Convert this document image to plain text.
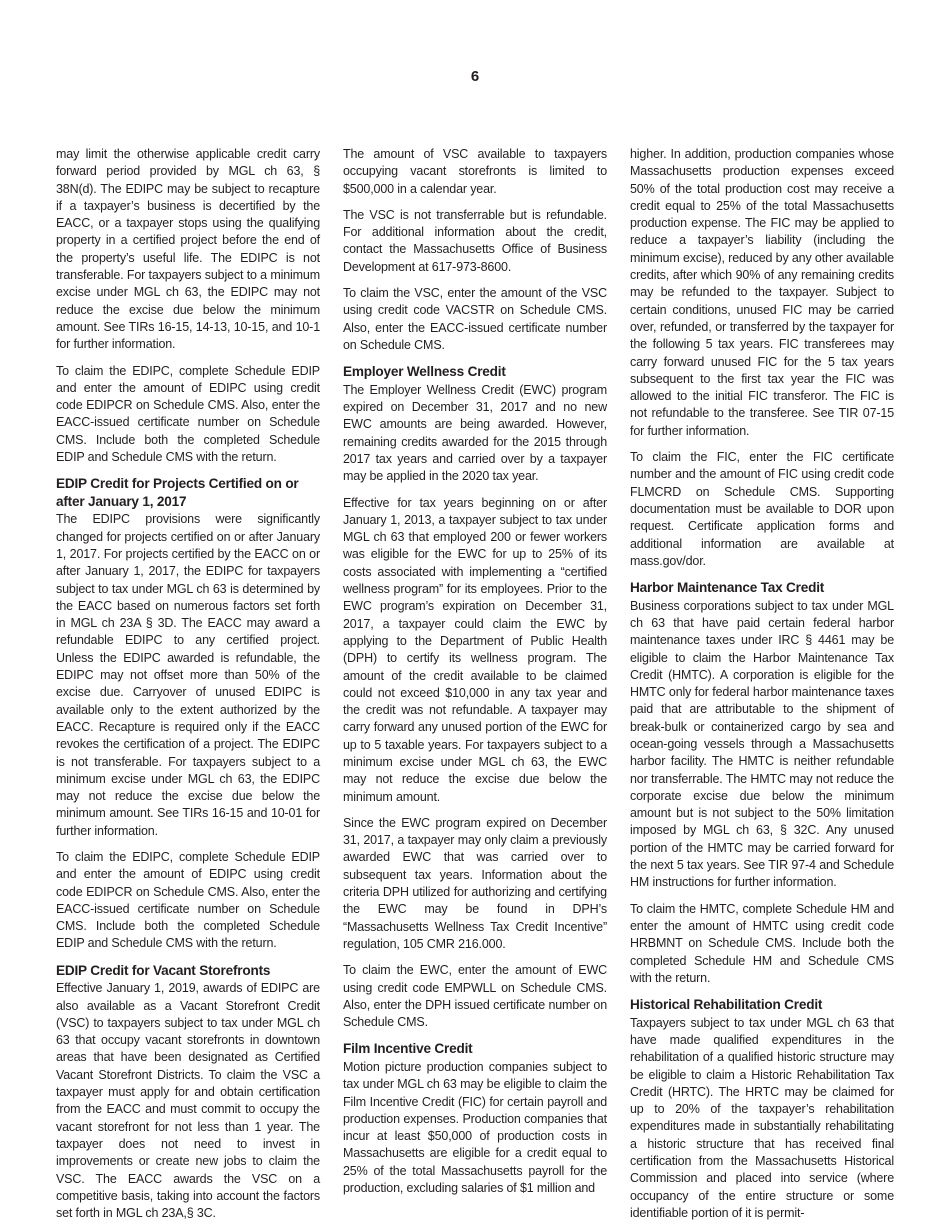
6

may limit the otherwise applicable credit carry forward period provided by MGL ch 63, § 38N(d). The EDIPC may be subject to recapture if a taxpayer’s business is decertified by the EACC, or a taxpayer stops using the qualifying property in a certified project before the end of the property’s useful life. The EDIPC is not transferable. For taxpayers subject to a minimum excise under MGL ch 63, the EDIPC may not reduce the excise due below the minimum amount. See TIRs 16-15, 14-13, 10-15, and 10-1 for further information.

To claim the EDIPC, complete Schedule EDIP and enter the amount of EDIPC using credit code EDIPCR on Schedule CMS. Also, enter the EACC-issued certificate number on Schedule CMS. Include both the completed Schedule EDIP and Schedule CMS with the return.

EDIP Credit for Projects Certified on or after January 1, 2017

The EDIPC provisions were significantly changed for projects certified on or after January 1, 2017. For projects certified by the EACC on or after January 1, 2017, the EDIPC for taxpayers subject to tax under MGL ch 63 is determined by the EACC based on numerous factors set forth in MGL ch 23A § 3D. The EACC may award a refundable EDIPC to any certified project. Unless the EDIPC awarded is refundable, the EDIPC may not offset more than 50% of the excise due. Carryover of unused EDIPC is available only to the extent authorized by the EACC. Recapture is required only if the EACC revokes the certification of a project. The EDIPC is not transferable. For taxpayers subject to a minimum excise under MGL ch 63, the EDIPC may not reduce the excise due below the minimum amount. See TIRs 16-15 and 10-01 for further information.

To claim the EDIPC, complete Schedule EDIP and enter the amount of EDIPC using credit code EDIPCR on Schedule CMS. Also, enter the EACC-issued certificate number on Schedule CMS. Include both the completed Schedule EDIP and Schedule CMS with the return.

EDIP Credit for Vacant Storefronts

Effective January 1, 2019, awards of EDIPC are also available as a Vacant Storefront Credit (VSC) to taxpayers subject to tax under MGL ch 63 that occupy vacant storefronts in downtown areas that have been designated as Certified Vacant Storefront Districts. To claim the VSC a taxpayer must apply for and obtain certification from the EACC and must commit to occupy the vacant storefront for not less than 1 year. The taxpayer does not need to invest in improvements or create new jobs to claim the VSC. The EACC awards the VSC on a competitive basis, taking into account the factors set forth in MGL ch 23A,§ 3C.

The amount of VSC available to taxpayers occupying vacant storefronts is limited to $500,000 in a calendar year.

The VSC is not transferrable but is refundable. For additional information about the credit, contact the Massachusetts Office of Business Development at 617-973-8600.

To claim the VSC, enter the amount of the VSC using credit code VACSTR on Schedule CMS. Also, enter the EACC-issued certificate number on Schedule CMS.

Employer Wellness Credit

The Employer Wellness Credit (EWC) program expired on December 31, 2017 and no new EWC amounts are being awarded. However, remaining credits awarded for the 2015 through 2017 tax years and carried over by a taxpayer may be applied in the 2020 tax year.

Effective for tax years beginning on or after January 1, 2013, a taxpayer subject to tax under MGL ch 63 that employed 200 or fewer workers was eligible for the EWC for up to 25% of its costs associated with implementing a “certified wellness program” for its employees. Prior to the EWC program’s expiration on December 31, 2017, a taxpayer could claim the EWC by applying to the Department of Public Health (DPH) to certify its wellness program. The amount of the credit available to be claimed could not exceed $10,000 in any tax year and the credit was not refundable. A taxpayer may carry forward any unused portion of the EWC for up to 5 taxable years. For taxpayers subject to a minimum excise under MGL ch 63, the EWC may not reduce the excise due below the minimum amount.

Since the EWC program expired on December 31, 2017, a taxpayer may only claim a previously awarded EWC that was carried over to subsequent tax years. Information about the criteria DPH utilized for authorizing and certifying the EWC may be found in DPH’s “Massachusetts Wellness Tax Credit Incentive” regulation, 105 CMR 216.000.

To claim the EWC, enter the amount of EWC using credit code EMPWLL on Schedule CMS. Also, enter the DPH issued certificate number on Schedule CMS.

Film Incentive Credit

Motion picture production companies subject to tax under MGL ch 63 may be eligible to claim the Film Incentive Credit (FIC) for certain payroll and production expenses. Production companies that incur at least $50,000 of production costs in Massachusetts are eligible for a credit equal to 25% of the total Massachusetts payroll for the production, excluding salaries of $1 million and

higher. In addition, production companies whose Massachusetts production expenses exceed 50% of the total production cost may receive a credit equal to 25% of the total Massachusetts production expense. The FIC may be applied to reduce a taxpayer’s liability (including the minimum excise), reduced by any other available credits, after which 90% of any remaining credits may be refunded to the taxpayer. Subject to certain conditions, unused FIC may be carried over, refunded, or transferred by the taxpayer for the following 5 tax years. FIC transferees may carry forward unused FIC for the 5 tax years subsequent to the first tax year the FIC was allowed to the initial FIC transferor. The FIC is not refundable to the transferee. See TIR 07-15 for further information.

To claim the FIC, enter the FIC certificate number and the amount of FIC using credit code FLMCRD on Schedule CMS. Supporting documentation must be available to DOR upon request. Certificate application forms and additional information are available at mass.gov/dor.

Harbor Maintenance Tax Credit

Business corporations subject to tax under MGL ch 63 that have paid certain federal harbor maintenance taxes under IRC § 4461 may be eligible to claim the Harbor Maintenance Tax Credit (HMTC). A corporation is eligible for the HMTC only for federal harbor maintenance taxes paid that are attributable to the shipment of break-bulk or containerized cargo by sea and ocean-going vessels through a Massachusetts harbor facility. The HMTC is neither refundable nor transferrable. The HMTC may not reduce the corporate excise due below the minimum amount but is not subject to the 50% limitation imposed by MGL ch 63, § 32C. Any unused portion of the HMTC may be carried forward for the next 5 tax years. See TIR 97-4 and Schedule HM instructions for further information.

To claim the HMTC, complete Schedule HM and enter the amount of HMTC using credit code HRBMNT on Schedule CMS. Include both the completed Schedule HM and Schedule CMS with the return.

Historical Rehabilitation Credit

Taxpayers subject to tax under MGL ch 63 that have made qualified expenditures in the rehabilitation of a qualified historic structure may be eligible to claim a Historic Rehabilitation Tax Credit (HRTC). The HRTC may be claimed for up to 20% of the taxpayer’s rehabilitation expenditures made in substantially rehabilitating a historic structure that has received final certification from the Massachusetts Historical Commission and placed into service (where occupancy of the entire structure or some identifiable portion of it is permit-
